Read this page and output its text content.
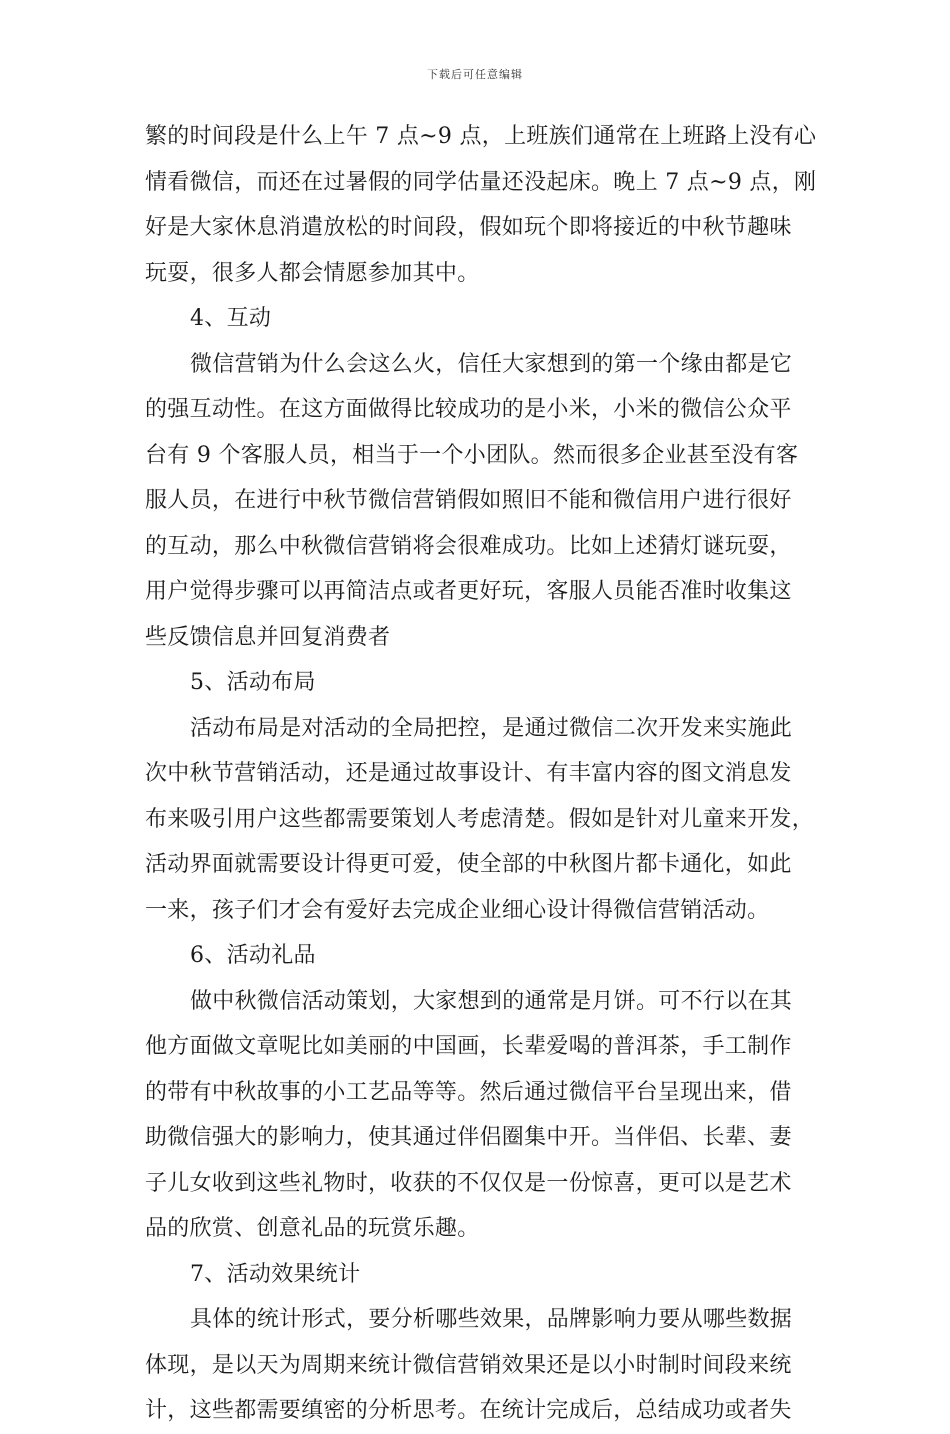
下载后可任意编辑
繁的时间段是什么上午 7 点~9 点，上班族们通常在上班路上没有心
情看微信，而还在过暑假的同学估量还没起床。晚上 7 点~9 点，刚
好是大家休息消遣放松的时间段，假如玩个即将接近的中秋节趣味
玩耍，很多人都会情愿参加其中。
4、互动
微信营销为什么会这么火，信任大家想到的第一个缘由都是它
的强互动性。在这方面做得比较成功的是小米，小米的微信公众平
台有 9 个客服人员，相当于一个小团队。然而很多企业甚至没有客
服人员，在进行中秋节微信营销假如照旧不能和微信用户进行很好
的互动，那么中秋微信营销将会很难成功。比如上述猜灯谜玩耍，
用户觉得步骤可以再简洁点或者更好玩，客服人员能否准时收集这
些反馈信息并回复消费者
5、活动布局
活动布局是对活动的全局把控，是通过微信二次开发来实施此
次中秋节营销活动，还是通过故事设计、有丰富内容的图文消息发
布来吸引用户这些都需要策划人考虑清楚。假如是针对儿童来开发，
活动界面就需要设计得更可爱，使全部的中秋图片都卡通化，如此
一来，孩子们才会有爱好去完成企业细心设计得微信营销活动。
6、活动礼品
做中秋微信活动策划，大家想到的通常是月饼。可不行以在其
他方面做文章呢比如美丽的中国画，长辈爱喝的普洱茶，手工制作
的带有中秋故事的小工艺品等等。然后通过微信平台呈现出来，借
助微信强大的影响力，使其通过伴侣圈集中开。当伴侣、长辈、妻
子儿女收到这些礼物时，收获的不仅仅是一份惊喜，更可以是艺术
品的欣赏、创意礼品的玩赏乐趣。
7、活动效果统计
具体的统计形式，要分析哪些效果，品牌影响力要从哪些数据
体现，是以天为周期来统计微信营销效果还是以小时制时间段来统
计，这些都需要缜密的分析思考。在统计完成后，总结成功或者失
